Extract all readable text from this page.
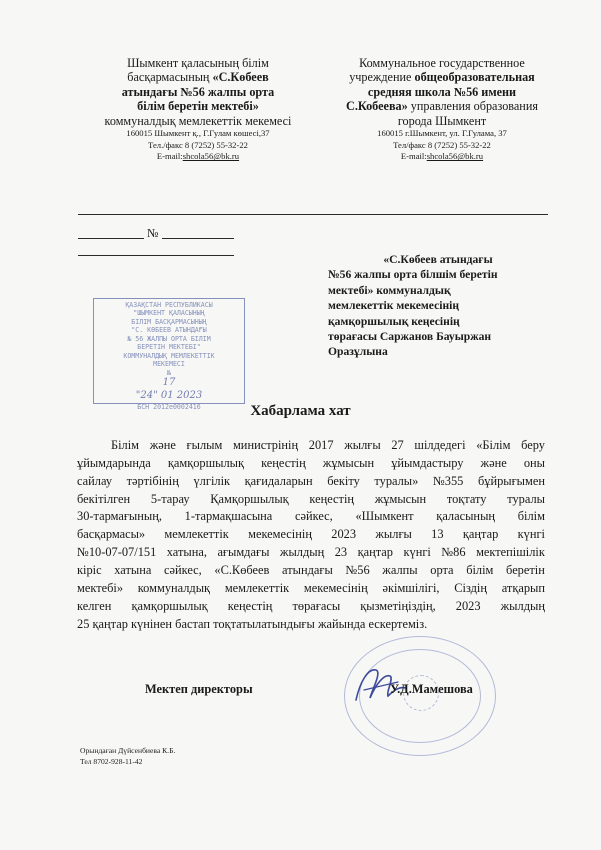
Шымкент қаласының білім
басқармасының «С.Көбеев
атындағы №56 жалпы орта
білім беретін мектебі»
коммуналдық мемлекеттік мекемесі
160015 Шымкент қ., Г.Гулам көшесі,37
Тел./факс 8 (7252) 55-32-22
E-mail:shcola56@bk.ru
Коммунальное государственное
учреждение общеобразовательная
средняя школа №56 имени
С.Кобеева» управления образования
города Шымкент
160015 г.Шымкент, ул. Г.Гулама, 37
Тел/факс 8 (7252) 55-32-22
E-mail:shcola56@bk.ru
№
«С.Көбеев атындағы
№56 жалпы орта білшім беретін
мектебі» коммуналдық
мемлекеттік мекемесінің
қамқоршылық кеңесінің
төрағасы Саржанов Бауыржан
Оразұлына
ҚАЗАҚСТАН РЕСПУБЛИКАСЫ
"ШЫМКЕНТ ҚАЛАСЫНЫҢ
БІЛІМ БАСҚАРМАСЫНЫҢ
"С. КӨБЕЕВ АТЫНДАҒЫ
№ 56 ЖАЛПЫ ОРТА БІЛІМ
БЕРЕТІН МЕКТЕБІ"
КОММУНАЛДЫҚ МЕМЛЕКЕТТІК
МЕКЕМЕСІ
№
17
"24" 01 2023
БСН 2012е0002416	Хабарлама хат
Білім және ғылым министрінің 2017 жылғы 27 шілдедегі «Білім беру
ұйымдарында қамқоршылық кеңестің жұмысын ұйымдастыру және оны
сайлау тәртібінің үлгілік қағидаларын бекіту туралы» №355 бұйрығымен
бекітілген 5-тарау Қамқоршылық кеңестің жұмысын тоқтату туралы
30-тармағының, 1-тармақшасына сәйкес, «Шымкент қаласының білім
басқармасы» мемлекеттік мекемесінің 2023 жылғы 13 қаңтар күнгі
№10-07-07/151 хатына, ағымдағы жылдың 23 қаңтар күнгі №86 мектепішілік
кіріс хатына сәйкес, «С.Көбеев атындағы №56 жалпы орта білім беретін
мектебі» коммуналдық мемлекеттік мекемесінің әкімшілігі, Сіздің атқарып
келген қамқоршылық кеңестің төрағасы қызметіңіздің, 2023 жылдың
25 қаңтар күнінен бастап тоқтатылатындығы жайында ескертеміз.
Мектеп директоры	У.Д.Мамешова
Орындаған Дүйсенбиева К.Б.
Тел 8702-928-11-42
